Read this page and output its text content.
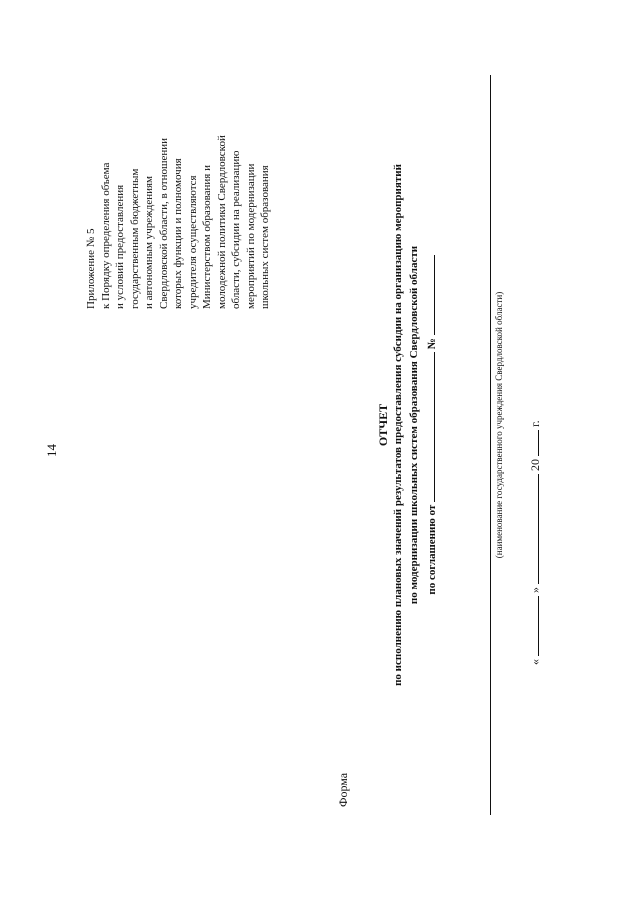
14
Приложение № 5 к Порядку определения объема и условий предоставления государственным бюджетным и автономным учреждениям Свердловской области, в отношении которых функции и полномочия учредителя осуществляются Министерством образования и молодежной политики Свердловской области, субсидии на реализацию мероприятий по модернизации школьных систем образования
Форма
ОТЧЕТ по исполнению плановых значений результатов предоставления субсидии на организацию мероприятий по модернизации школьных систем образования Свердловской области по соглашению от  №	(наименование государственного учреждения Свердловской области)
«  »  20  г.
